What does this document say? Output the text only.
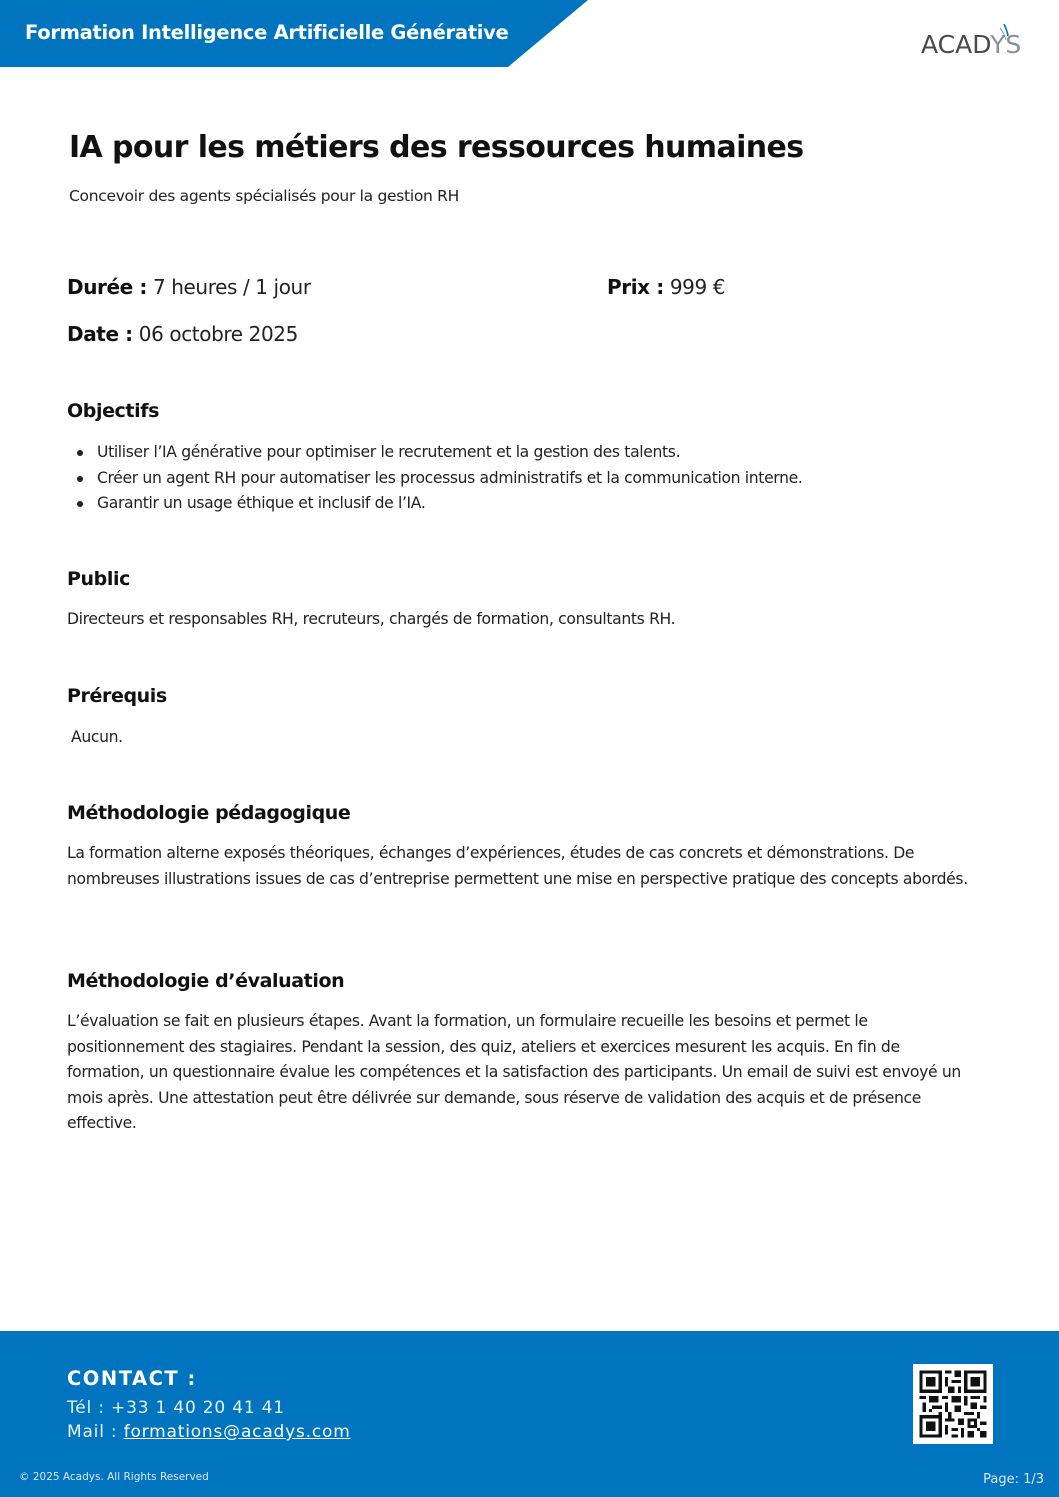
Formation Intelligence Artificielle Générative	ACADYS
IA pour les métiers des ressources humaines
Concevoir des agents spécialisés pour la gestion RH
Durée : 7 heures / 1 jour	Prix : 999 €
Date : 06 octobre 2025
Objectifs
Utiliser l’IA générative pour optimiser le recrutement et la gestion des talents.
Créer un agent RH pour automatiser les processus administratifs et la communication interne.
Garantir un usage éthique et inclusif de l’IA.
Public
Directeurs et responsables RH, recruteurs, chargés de formation, consultants RH.
Prérequis
Aucun.
Méthodologie pédagogique
La formation alterne exposés théoriques, échanges d’expériences, études de cas concrets et démonstrations. De nombreuses illustrations issues de cas d’entreprise permettent une mise en perspective pratique des concepts abordés.
Méthodologie d’évaluation
L’évaluation se fait en plusieurs étapes. Avant la formation, un formulaire recueille les besoins et permet le positionnement des stagiaires. Pendant la session, des quiz, ateliers et exercices mesurent les acquis. En fin de formation, un questionnaire évalue les compétences et la satisfaction des participants. Un email de suivi est envoyé un mois après. Une attestation peut être délivrée sur demande, sous réserve de validation des acquis et de présence effective.
CONTACT :
Tél : +33 1 40 20 41 41
Mail : formations@acadys.com
© 2025 Acadys. All Rights Reserved	Page: 1/3
